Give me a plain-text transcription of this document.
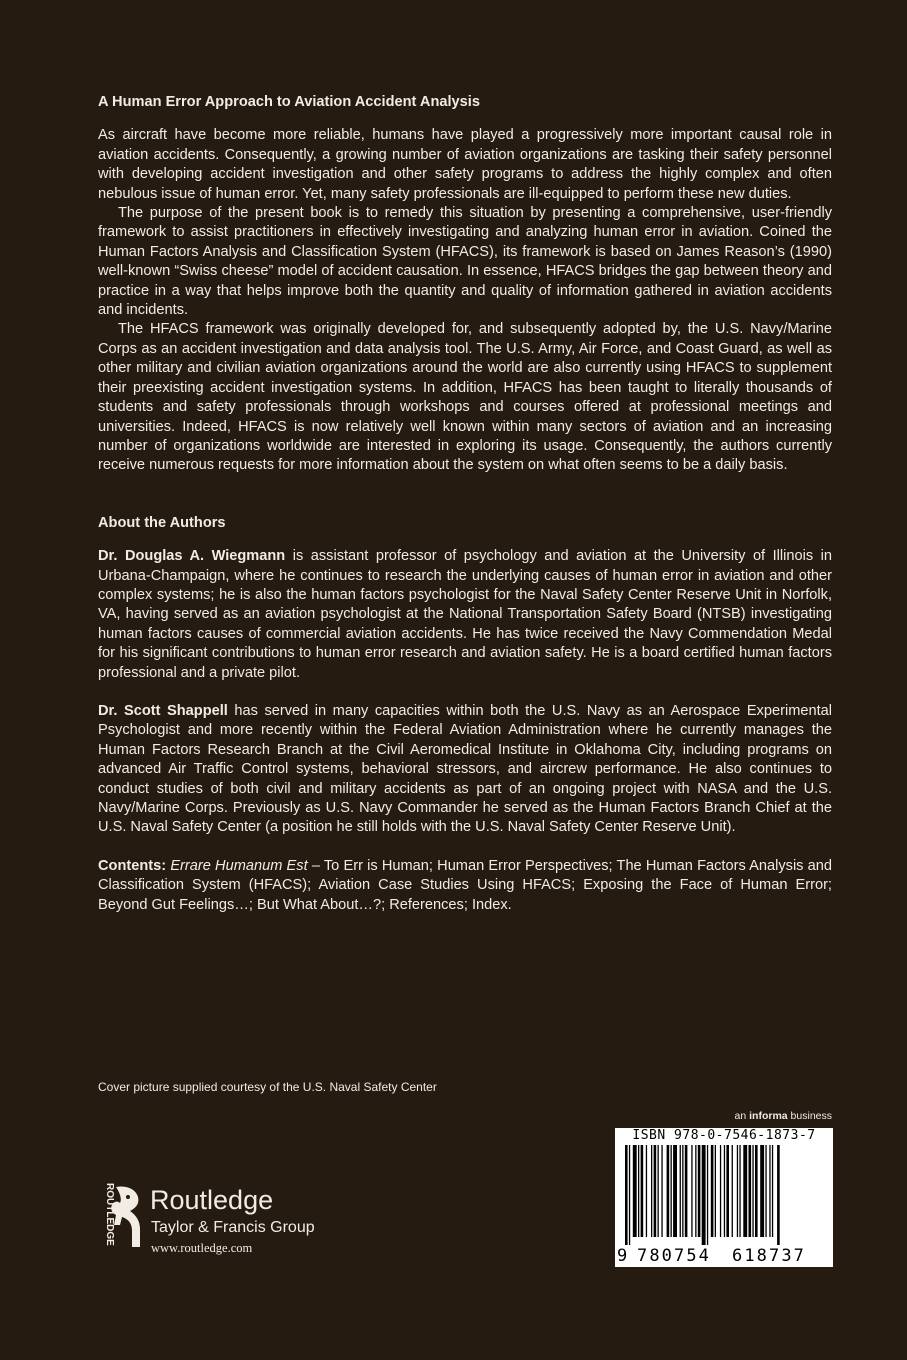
A Human Error Approach to Aviation Accident Analysis

As aircraft have become more reliable, humans have played a progressively more important causal role in aviation accidents. Consequently, a growing number of aviation organizations are tasking their safety personnel with developing accident investigation and other safety programs to address the highly complex and often nebulous issue of human error. Yet, many safety professionals are ill-equipped to perform these new duties.

The purpose of the present book is to remedy this situation by presenting a comprehensive, user-friendly framework to assist practitioners in effectively investigating and analyzing human error in aviation. Coined the Human Factors Analysis and Classification System (HFACS), its framework is based on James Reason’s (1990) well-known “Swiss cheese” model of accident causation. In essence, HFACS bridges the gap between theory and practice in a way that helps improve both the quantity and quality of information gathered in aviation accidents and incidents.

The HFACS framework was originally developed for, and subsequently adopted by, the U.S. Navy/Marine Corps as an accident investigation and data analysis tool. The U.S. Army, Air Force, and Coast Guard, as well as other military and civilian aviation organizations around the world are also currently using HFACS to supplement their preexisting accident investigation systems. In addition, HFACS has been taught to literally thousands of students and safety professionals through workshops and courses offered at professional meetings and universities. Indeed, HFACS is now relatively well known within many sectors of aviation and an increasing number of organizations worldwide are interested in exploring its usage. Consequently, the authors currently receive numerous requests for more information about the system on what often seems to be a daily basis.

About the Authors

Dr. Douglas A. Wiegmann is assistant professor of psychology and aviation at the University of Illinois in Urbana-Champaign, where he continues to research the underlying causes of human error in aviation and other complex systems; he is also the human factors psychologist for the Naval Safety Center Reserve Unit in Norfolk, VA, having served as an aviation psychologist at the National Transportation Safety Board (NTSB) investigating human factors causes of commercial aviation accidents. He has twice received the Navy Commendation Medal for his significant contributions to human error research and aviation safety. He is a board certified human factors professional and a private pilot.

Dr. Scott Shappell has served in many capacities within both the U.S. Navy as an Aerospace Experimental Psychologist and more recently within the Federal Aviation Administration where he currently manages the Human Factors Research Branch at the Civil Aeromedical Institute in Oklahoma City, including programs on advanced Air Traffic Control systems, behavioral stressors, and aircrew performance. He also continues to conduct studies of both civil and military accidents as part of an ongoing project with NASA and the U.S. Navy/Marine Corps. Previously as U.S. Navy Commander he served as the Human Factors Branch Chief at the U.S. Naval Safety Center (a position he still holds with the U.S. Naval Safety Center Reserve Unit).

Contents: Errare Humanum Est – To Err is Human; Human Error Perspectives; The Human Factors Analysis and Classification System (HFACS); Aviation Case Studies Using HFACS; Exposing the Face of Human Error; Beyond Gut Feelings…; But What About…?; References; Index.

Cover picture supplied courtesy of the U.S. Naval Safety Center
an informa business
ISBN 978-0-7546-1873-7
9 780754 618737
ROUTLEDGE Routledge
Taylor & Francis Group
www.routledge.com
